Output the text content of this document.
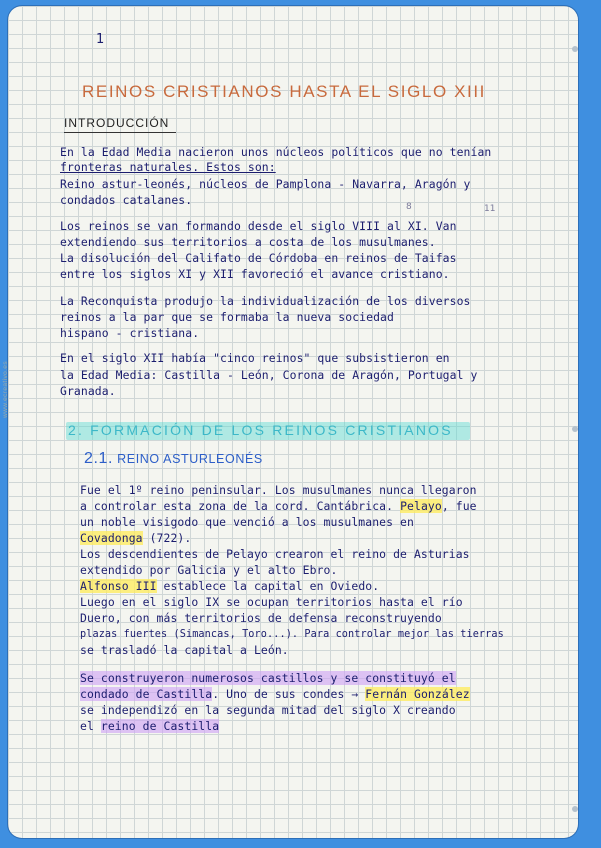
www.ecreativo.es
1
REINOS CRISTIANOS HASTA EL SIGLO XIII
INTRODUCCIÓN
En la Edad Media nacieron unos núcleos políticos que no tenían
fronteras naturales. Estos son:
Reino astur-leonés, núcleos de Pamplona - Navarra, Aragón y
condados catalanes.	8	11
Los reinos se van formando desde el siglo VIII al XI. Van
extendiendo sus territorios a costa de los musulmanes.
La disolución del Califato de Córdoba en reinos de Taifas
entre los siglos XI y XII favoreció el avance cristiano.
La Reconquista produjo la individualización de los diversos
reinos a la par que se formaba la nueva sociedad
hispano - cristiana.
En el siglo XII había "cinco reinos" que subsistieron en
la Edad Media: Castilla - León, Corona de Aragón, Portugal y
Granada.
2. FORMACIÓN DE LOS REINOS CRISTIANOS
2.1. REINO ASTURLEONÉS
Fue el 1º reino peninsular. Los musulmanes nunca llegaron
a controlar esta zona de la cord. Cantábrica. Pelayo, fue
un noble visigodo que venció a los musulmanes en
Covadonga (722).
Los descendientes de Pelayo crearon el reino de Asturias
extendido por Galicia y el alto Ebro.
Alfonso III establece la capital en Oviedo.
Luego en el siglo IX se ocupan territorios hasta el río
Duero, con más territorios de defensa reconstruyendo
plazas fuertes (Simancas, Toro...). Para controlar mejor las tierras
se trasladó la capital a León.
Se construyeron numerosos castillos y se constituyó el
condado de Castilla. Uno de sus condes → Fernán González
se independizó en la segunda mitad del siglo X creando
el reino de Castilla
